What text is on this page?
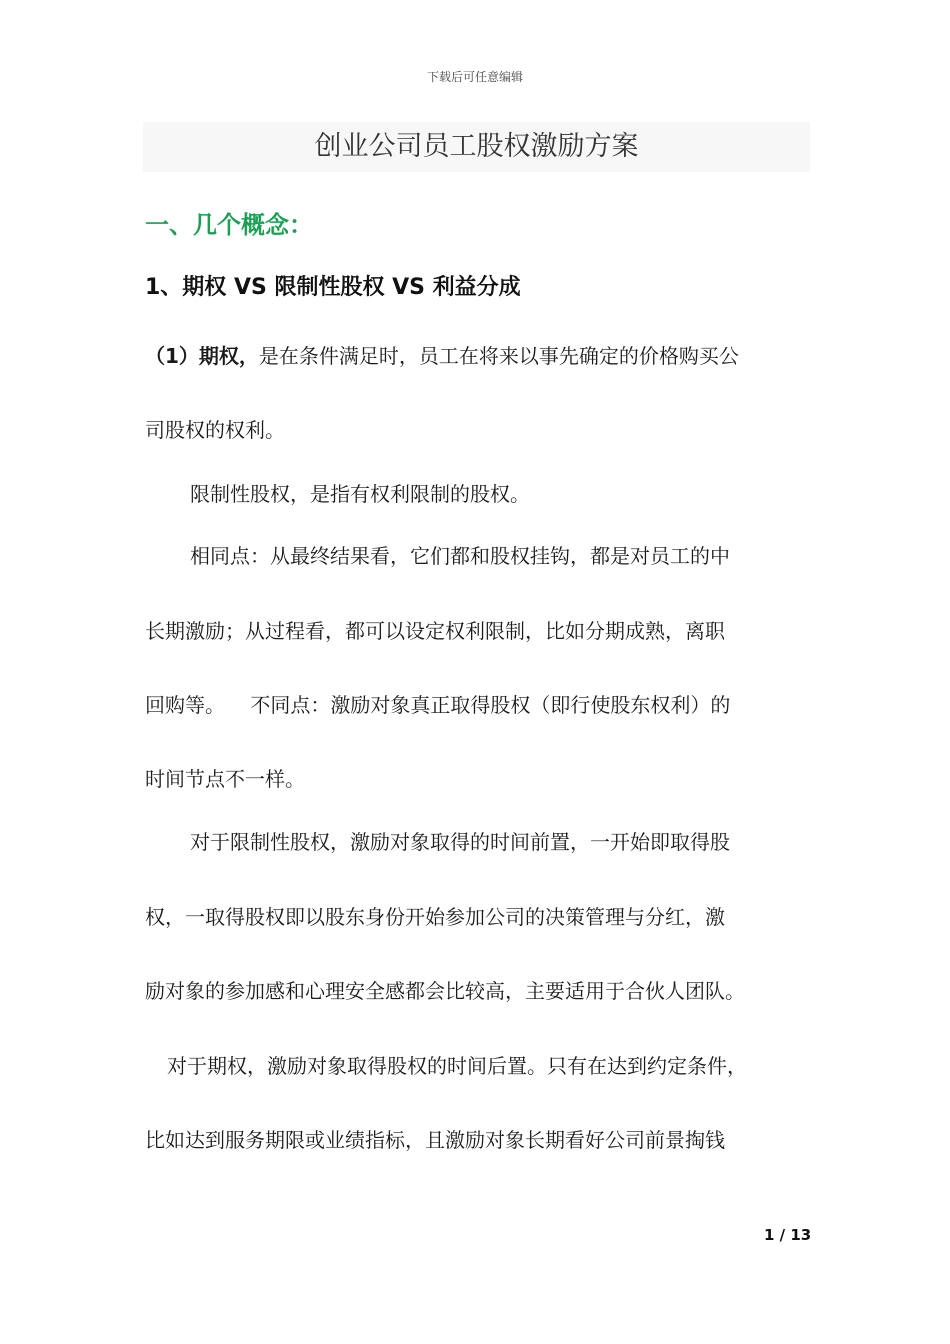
下载后可任意编辑
创业公司员工股权激励方案
一、几个概念：
1、期权 VS 限制性股权 VS 利益分成
（1）期权，是在条件满足时，员工在将来以事先确定的价格购买公
司股权的权利。
限制性股权，是指有权利限制的股权。
相同点：从最终结果看，它们都和股权挂钩，都是对员工的中
长期激励；从过程看，都可以设定权利限制，比如分期成熟，离职
回购等。    不同点：激励对象真正取得股权（即行使股东权利）的
时间节点不一样。
对于限制性股权，激励对象取得的时间前置，一开始即取得股
权，一取得股权即以股东身份开始参加公司的决策管理与分红，激
励对象的参加感和心理安全感都会比较高，主要适用于合伙人团队。
对于期权，激励对象取得股权的时间后置。只有在达到约定条件，
比如达到服务期限或业绩指标，且激励对象长期看好公司前景掏钱
1 / 13
